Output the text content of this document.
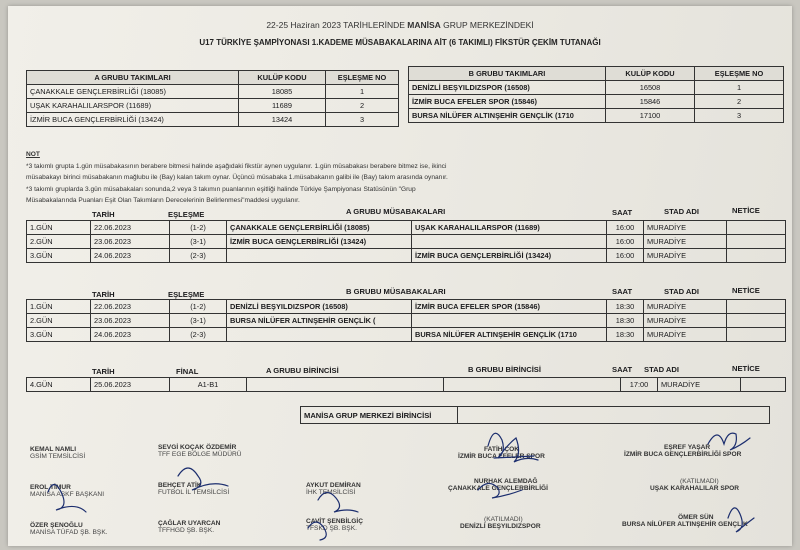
22-25 Haziran 2023 TARİHLERİNDE MANİSA GRUP MERKEZİNDEKİ
U17 TÜRKİYE ŞAMPİYONASI 1.KADEME MÜSABAKALARINA AİT (6 TAKIMLI) FİKSTÜR ÇEKİM TUTANAĞI
A GRUBU TAKIMLARI	KULÜP KODU	EŞLEŞME NO
ÇANAKKALE GENÇLERBİRLİĞİ (18085)	18085	1
UŞAK KARAHALILARSPOR (11689)	11689	2
İZMİR BUCA GENÇLERBİRLİĞİ (13424)	13424	3
B GRUBU TAKIMLARI	KULÜP KODU	EŞLEŞME NO
DENİZLİ BEŞYILDIZSPOR (16508)	16508	1
İZMİR BUCA EFELER SPOR (15846)	15846	2
BURSA NİLÜFER ALTINŞEHİR GENÇLİK (1710	17100	3

NOT

*3 takımlı grupta 1.gün müsabakasının berabere bitmesi halinde aşağıdaki fikstür aynen uygulanır. 1.gün müsabakası berabere bitmez ise, ikinci

müsabakayı birinci müsabakanın mağlubu ile (Bay) kalan takım oynar. Üçüncü müsabaka 1.müsabakanın galibi ile (Bay) takım arasında oynanır.

*3 takımlı gruplarda 3.gün müsabakaları sonunda,2 veya 3 takımın puanlarının eşitliği halinde Türkiye Şampiyonası Statüsünün "Grup

Müsabakalarında Puanları Eşit Olan Takımların Derecelerinin Belirlenmesi"maddesi uygulanır.

TARİH	EŞLEŞME	A GRUBU MÜSABAKALARI	SAAT	STAD ADI	NETİCE
1.GÜN	22.06.2023	(1-2)	ÇANAKKALE GENÇLERBİRLİĞİ (18085)	UŞAK KARAHALILARSPOR (11689)	16:00	MURADİYE	
2.GÜN	23.06.2023	(3-1)	İZMİR BUCA GENÇLERBİRLİĞİ (13424)		16:00	MURADİYE	
3.GÜN	24.06.2023	(2-3)		İZMİR BUCA GENÇLERBİRLİĞİ (13424)	16:00	MURADİYE	
TARİH	EŞLEŞME	B GRUBU MÜSABAKALARI	SAAT	STAD ADI	NETİCE
1.GÜN	22.06.2023	(1-2)	DENİZLİ BEŞYILDIZSPOR (16508)	İZMİR BUCA EFELER SPOR (15846)	18:30	MURADİYE	
2.GÜN	23.06.2023	(3-1)	BURSA NİLÜFER ALTINŞEHİR GENÇLİK (		18:30	MURADİYE	
3.GÜN	24.06.2023	(2-3)		BURSA NİLÜFER ALTINŞEHİR GENÇLİK (1710	18:30	MURADİYE	
TARİH	FİNAL	A GRUBU BİRİNCİSİ	B GRUBU BİRİNCİSİ	SAAT STAD ADI	NETİCE
4.GÜN	25.06.2023	A1-B1			17:00	MURADİYE	
MANİSA GRUP MERKEZİ BİRİNCİSİ	
KEMAL NAMLI
GSİM TEMSİLCİSİ
SEVGİ KOÇAK ÖZDEMİR
TFF EGE BÖLGE MÜDÜRÜ
FATİH ÇOK
İZMİR BUCA EFELER SPOR
EŞREF YAŞAR
İZMİR BUCA GENÇLERBİRLİĞİ SPOR
EROL TİMUR
MANİSA ASKF BAŞKANI
BEHÇET ATİK
FUTBOL İL TEMSİLCİSİ
AYKUT DEMİRAN
İHK TEMSİLCİSİ
NURHAK ALEMDAĞ
ÇANAKKALE GENÇLERBİRLİĞİ
(KATILMADI)
UŞAK KARAHALILAR SPOR
ÖZER ŞENOĞLU
MANİSA TÜFAD ŞB. BŞK.
ÇAĞLAR UYARCAN
TFFHGD ŞB. BŞK.
CAVİT ŞENBİLGİÇ
TFSKD ŞB. BŞK.
(KATILMADI)
DENİZLİ BEŞYILDIZSPOR
ÖMER SÜN
BURSA NİLÜFER ALTINŞEHİR GENÇLİK
